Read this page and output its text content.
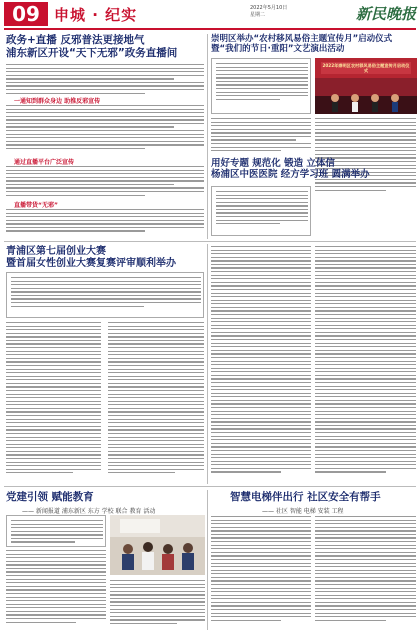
09 申城 · 纪实	2022年5月10日
星期二	新民晚报
政务+直播 反邪普法更接地气
浦东新区开设“天下无邪”政务直播间
一通知到群众身边 助推反邪宣传
通过直播平台广泛宣传
直播带货“无邪”
崇明区举办“农村移风易俗主题宣传月”启动仪式
暨“我们的节日·重阳”文艺演出活动
2022年崇明区农村移风易俗主题宣传月启动仪式
用好专题 规范化 锻造 立体信
杨浦区中医医院 经方学习班 圆满举办
青浦区第七届创业大赛
暨首届女性创业大赛复赛评审顺利举办
党建引领 赋能教育
—— 新闻报道 浦东新区 东方 学校 联合 教育 活动
智慧电梯伴出行 社区安全有帮手
—— 社区 智能 电梯 安装 工程
